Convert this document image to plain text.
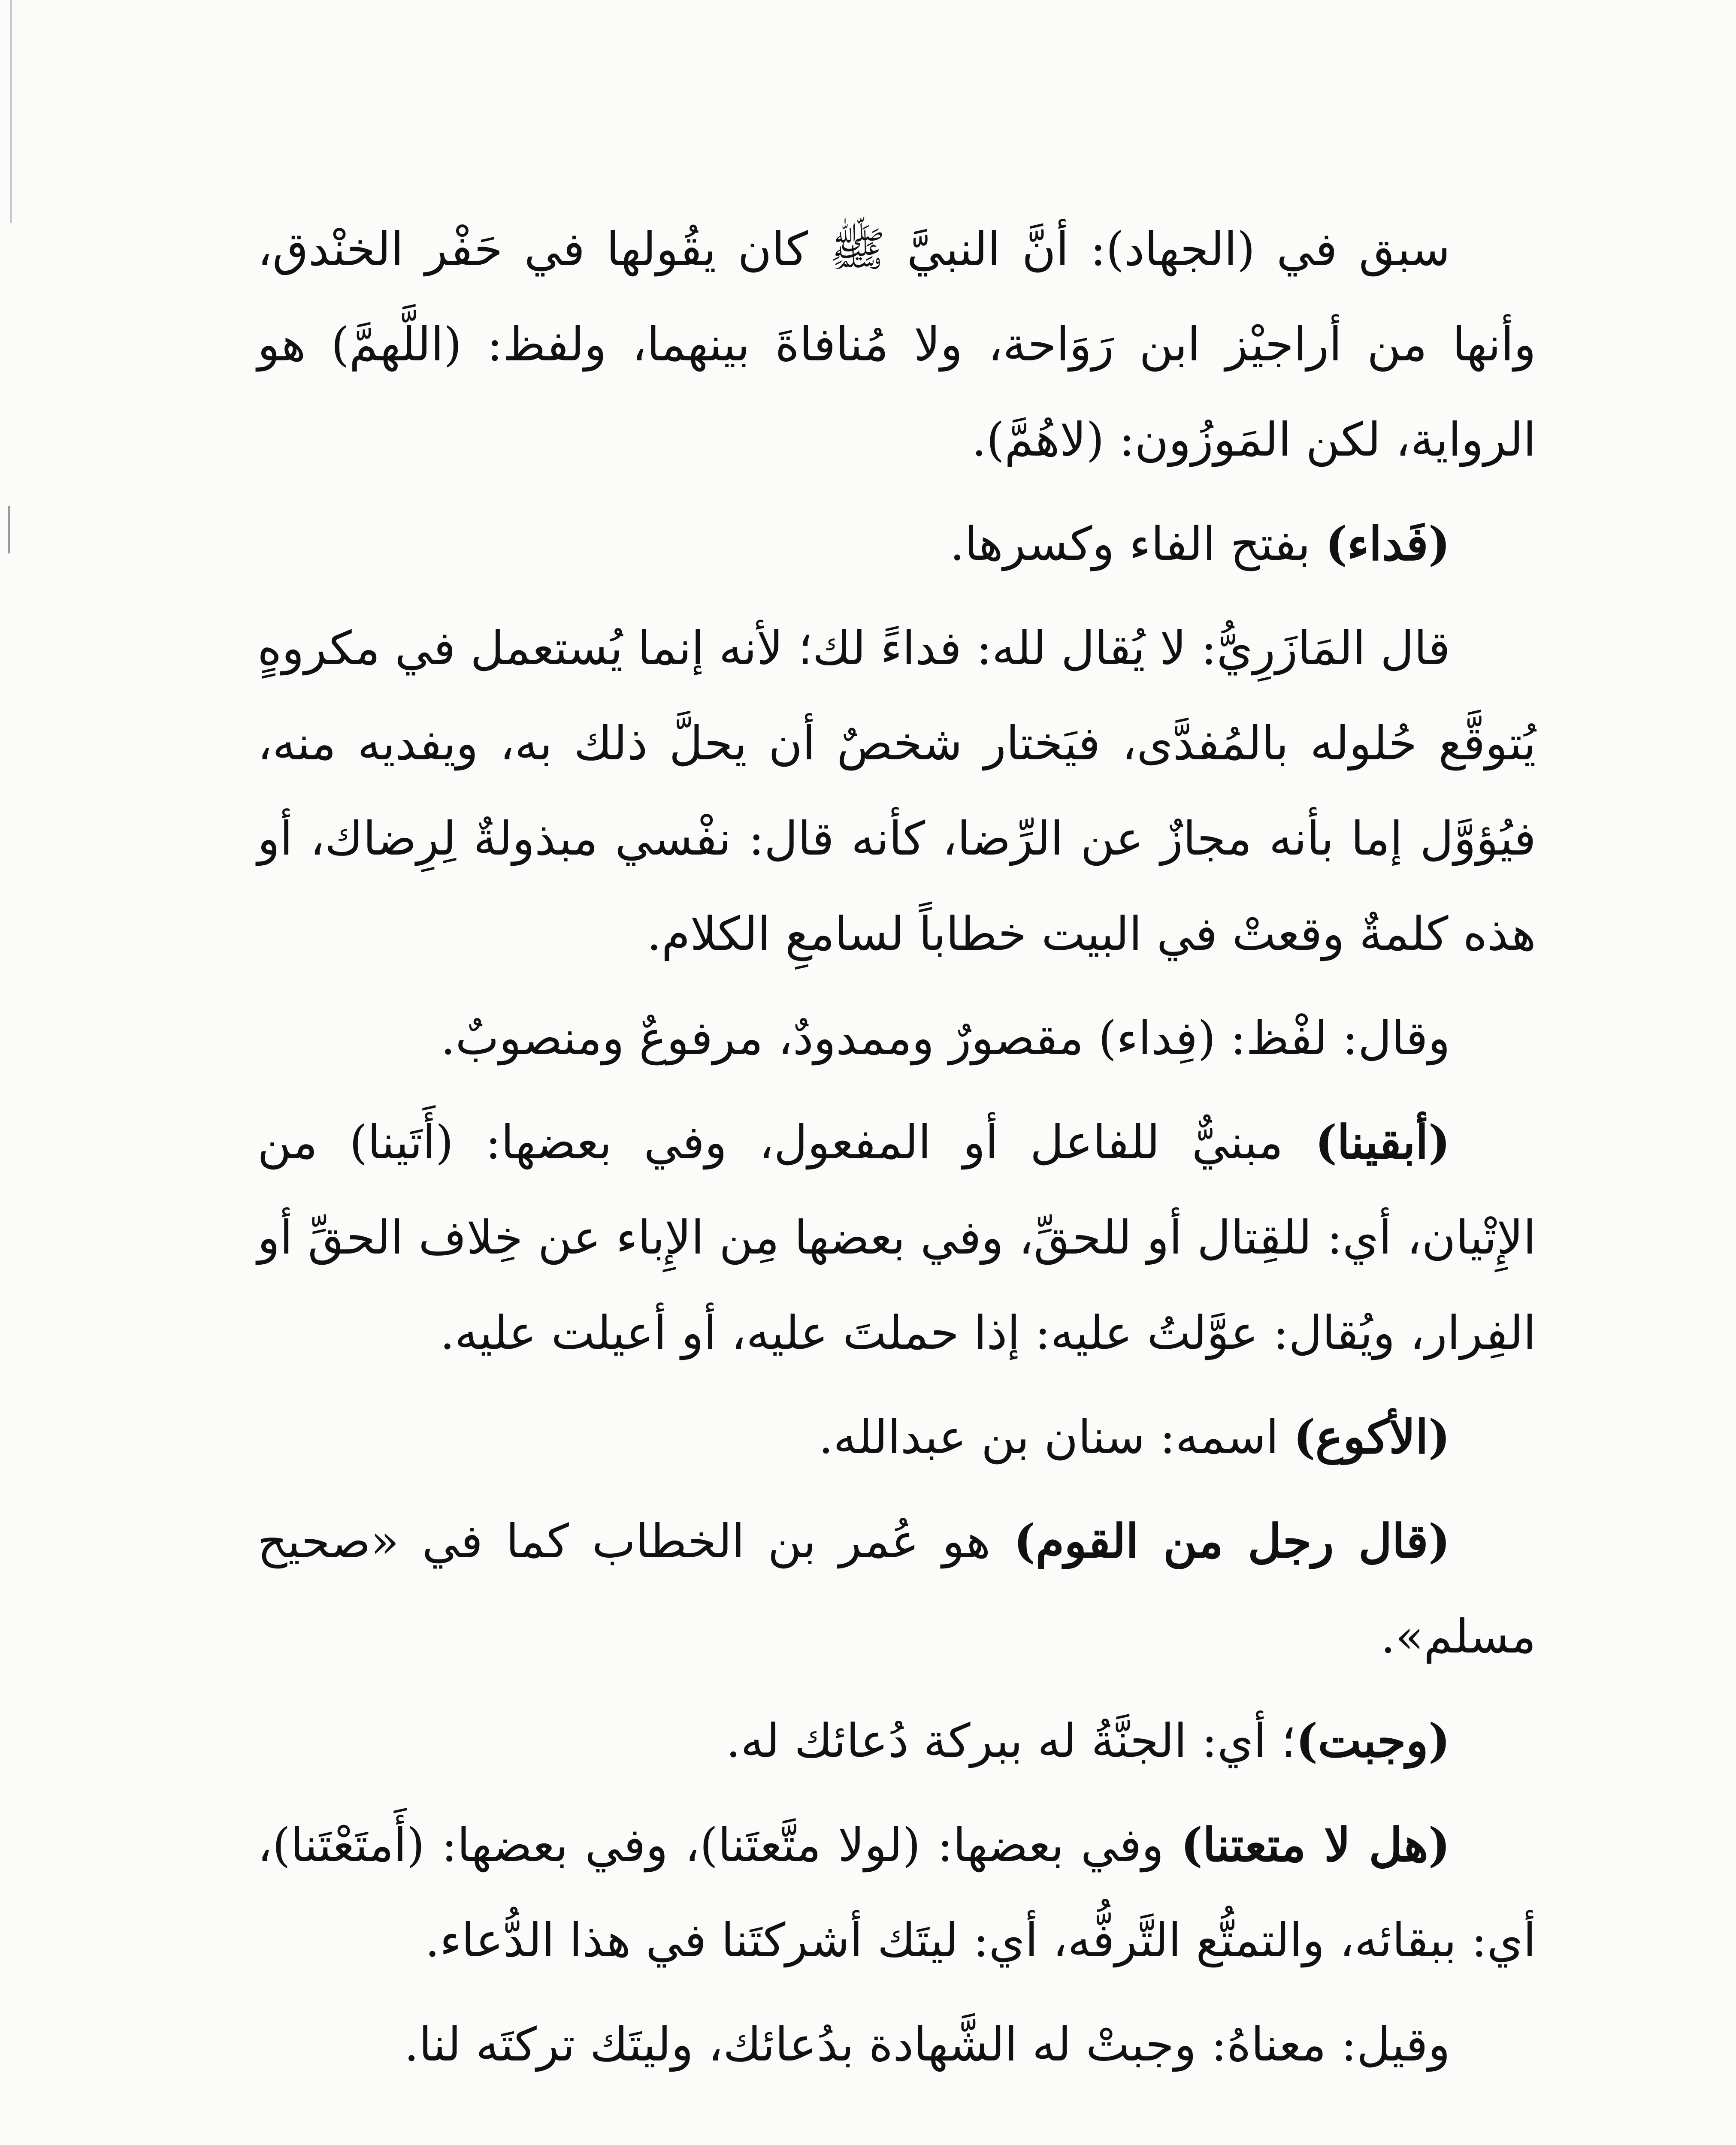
سبق في (الجهاد): أنَّ النبيَّ ﷺ كان يقُولها في حَفْر الخنْدق، وأنها من أراجيْز ابن رَوَاحة، ولا مُنافاةَ بينهما، ولفظ: (اللَّهمَّ) هو الرواية، لكن المَوزُون: (لاهُمَّ).

(فَداء) بفتح الفاء وكسرها.

قال المَازَرِيُّ: لا يُقال لله: فداءً لك؛ لأنه إنما يُستعمل في مكروهٍ يُتوقَّع حُلوله بالمُفدَّى، فيَختار شخصٌ أن يحلَّ ذلك به، ويفديه منه، فيُؤوَّل إما بأنه مجازٌ عن الرِّضا، كأنه قال: نفْسي مبذولةٌ لِرِضاك، أو هذه كلمةٌ وقعتْ في البيت خطاباً لسامعِ الكلام.

وقال: لفْظ: (فِداء) مقصورٌ وممدودٌ، مرفوعٌ ومنصوبٌ.

(أبقينا) مبنيٌّ للفاعل أو المفعول، وفي بعضها: (أَتَينا) من الإِتْيان، أي: للقِتال أو للحقِّ، وفي بعضها مِن الإِباء عن خِلاف الحقِّ أو الفِرار، ويُقال: عوَّلتُ عليه: إذا حملتَ عليه، أو أعيلت عليه.

(الأكوع) اسمه: سنان بن عبدالله.

(قال رجل من القوم) هو عُمر بن الخطاب كما في «صحيح مسلم».

(وجبت)؛ أي: الجنَّةُ له ببركة دُعائك له.

(هل لا متعتنا) وفي بعضها: (لولا متَّعتَنا)، وفي بعضها: (أَمتَعْتَنا)، أي: ببقائه، والتمتُّع التَّرفُّه، أي: ليتَك أشركتَنا في هذا الدُّعاء.

وقيل: معناهُ: وجبتْ له الشَّهادة بدُعائك، وليتَك تركتَه لنا.
